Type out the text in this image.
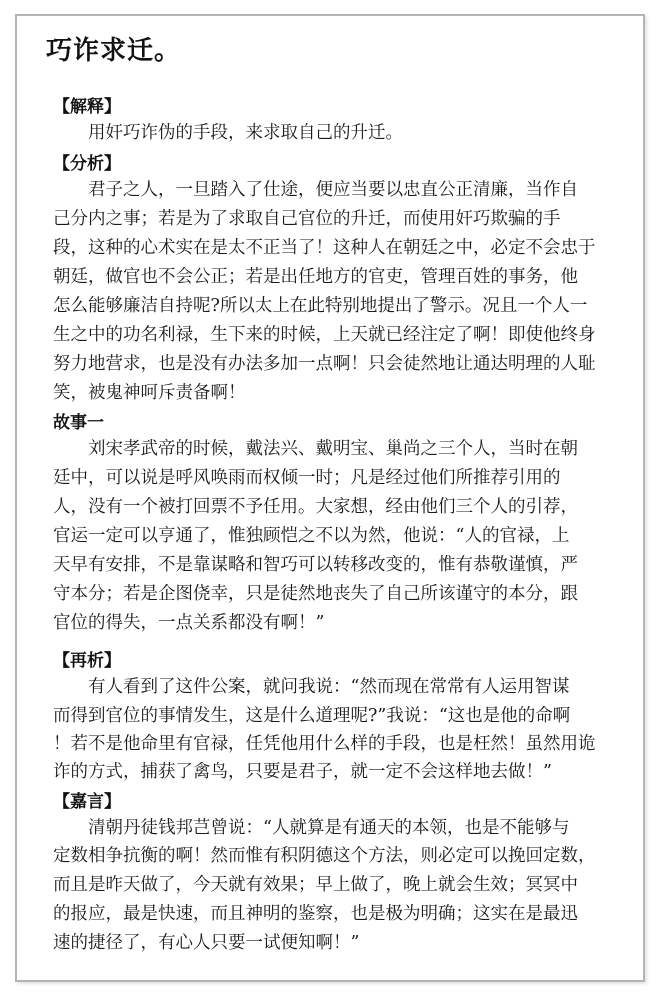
巧诈求迁。
【解释】
用奸巧诈伪的手段，来求取自己的升迁。
【分析】
君子之人，一旦踏入了仕途，便应当要以忠直公正清廉，当作自
己分内之事；若是为了求取自己官位的升迁，而使用奸巧欺骗的手
段，这种的心术实在是太不正当了！这种人在朝廷之中，必定不会忠于
朝廷，做官也不会公正；若是出任地方的官吏，管理百姓的事务，他
怎么能够廉洁自持呢?所以太上在此特别地提出了警示。况且一个人一
生之中的功名利禄，生下来的时候，上天就已经注定了啊！即使他终身
努力地营求，也是没有办法多加一点啊！只会徒然地让通达明理的人耻
笑，被鬼神呵斥责备啊！
故事一
刘宋孝武帝的时候，戴法兴、戴明宝、巢尚之三个人，当时在朝
廷中，可以说是呼风唤雨而权倾一时；凡是经过他们所推荐引用的
人，没有一个被打回票不予任用。大家想，经由他们三个人的引荐，
官运一定可以亨通了，惟独顾恺之不以为然，他说：“人的官禄，上
天早有安排，不是靠谋略和智巧可以转移改变的，惟有恭敬谨慎，严
守本分；若是企图侥幸，只是徒然地丧失了自己所该谨守的本分，跟
官位的得失，一点关系都没有啊！”
【再析】
有人看到了这件公案，就问我说：“然而现在常常有人运用智谋
而得到官位的事情发生，这是什么道理呢?”我说：“这也是他的命啊
！若不是他命里有官禄，任凭他用什么样的手段，也是枉然！虽然用诡
诈的方式，捕获了禽鸟，只要是君子，就一定不会这样地去做！”
【嘉言】
清朝丹徒钱邦芑曾说：“人就算是有通天的本领，也是不能够与
定数相争抗衡的啊！然而惟有积阴德这个方法，则必定可以挽回定数，
而且是昨天做了，今天就有效果；早上做了，晚上就会生效；冥冥中
的报应，最是快速，而且神明的鉴察，也是极为明确；这实在是最迅
速的捷径了，有心人只要一试便知啊！”
